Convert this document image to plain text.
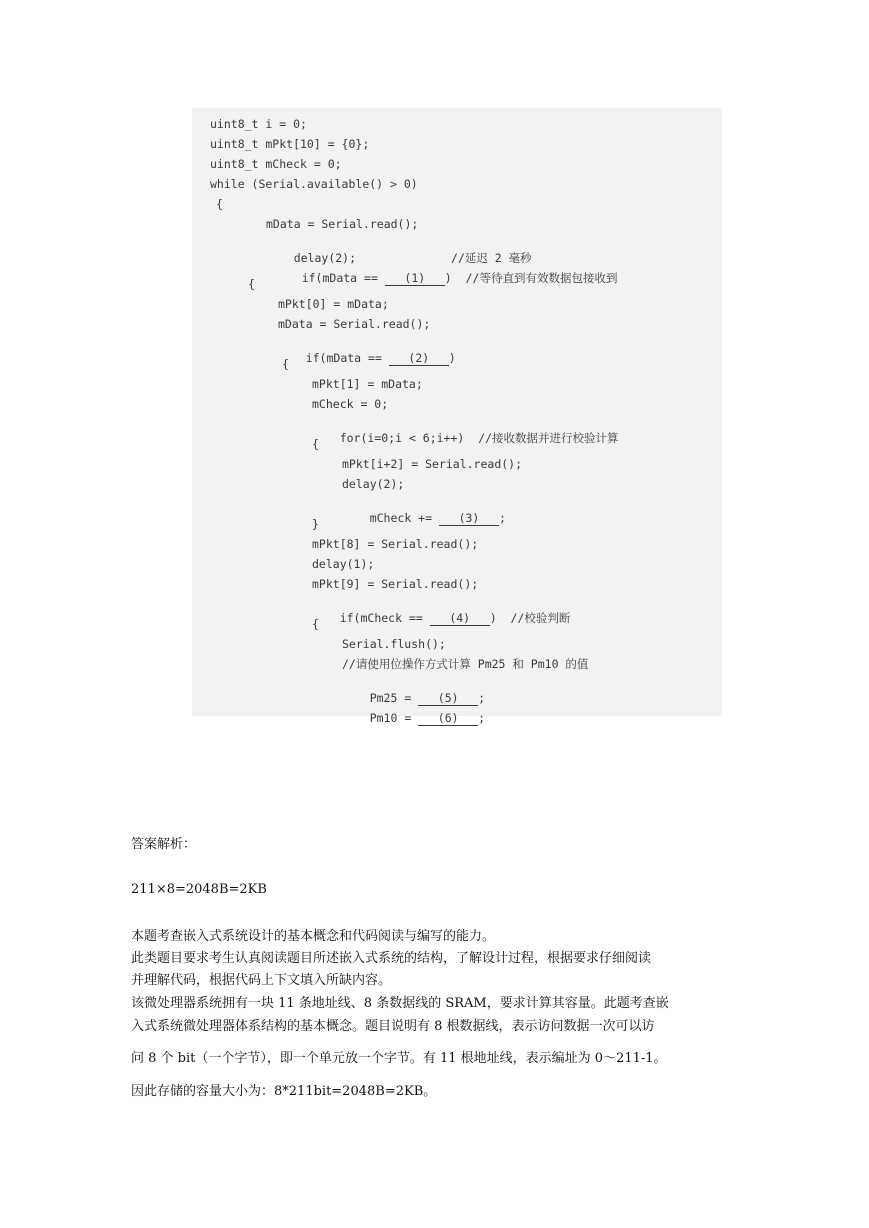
uint8_t i = 0;
uint8_t mPkt[10] = {0};
uint8_t mCheck = 0;
while (Serial.available() > 0)
{
mData = Serial.read();

delay(2);	//延迟 2 毫秒

if(mData == (1) ) //等待直到有效数据包接收到

{
mPkt[0] = mData;
mData = Serial.read();

if(mData == (2) )

{
mPkt[1] = mData;
mCheck = 0;

for(i=0;i < 6;i++) //接收数据并进行校验计算

{
mPkt[i+2] = Serial.read();
delay(2);

mCheck += (3) ;

}
mPkt[8] = Serial.read();
delay(1);
mPkt[9] = Serial.read();

if(mCheck == (4) ) //校验判断

{
Serial.flush();
//请使用位操作方式计算 Pm25 和 Pm10 的值

Pm25 = (5) ;

Pm10 = (6) ;

答案解析：
211×8=2048B=2KB
本题考查嵌入式系统设计的基本概念和代码阅读与编写的能力。
此类题目要求考生认真阅读题目所述嵌入式系统的结构，了解设计过程，根据要求仔细阅读
并理解代码，根据代码上下文填入所缺内容。
该微处理器系统拥有一块 11 条地址线、8 条数据线的 SRAM，要求计算其容量。此题考查嵌
入式系统微处理器体系结构的基本概念。题目说明有 8 根数据线，表示访问数据一次可以访
问 8 个 bit（一个字节），即一个单元放一个字节。有 11 根地址线，表示编址为 0～211-1。
因此存储的容量大小为：8*211bit=2048B=2KB。
